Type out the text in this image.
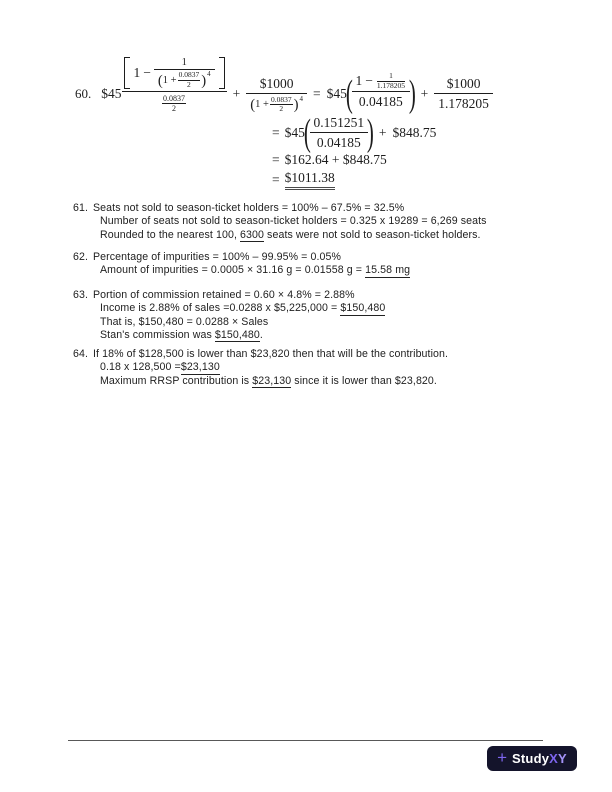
60. $45
$1 - \frac{1}{( 1 + \frac{0.0837}{2} )^4}$
0.0837
2
+ $\frac{\$1000}{( 1 + \frac{0.0837}{2} )^4}$ = $45
(
$\frac{1 - \frac{1}{1.178205}}{0.04185}$
) + $\frac{\$1000}{1.178205}$
= $45
(
$\frac{0.151251}{0.04185}$
) + $848.75
= $162.64 + $848.75
= $1011.38
61. Seats not sold to season-ticket holders = 100% – 67.5% = 32.5%
Number of seats not sold to season-ticket holders = 0.325 x 19289 = 6,269 seats
Rounded to the nearest 100, 6300 seats were not sold to season-ticket holders.
62. Percentage of impurities = 100% – 99.95% = 0.05%
Amount of impurities = 0.0005 × 31.16 g = 0.01558 g = 15.58 mg
63. Portion of commission retained = 0.60 × 4.8% = 2.88%
Income is 2.88% of sales =0.0288 x $5,225,000 = $150,480
That is, $150,480 = 0.0288 × Sales
Stan's commission was $150,480.
64. If 18% of $128,500 is lower than $23,820 then that will be the contribution.
0.18 x 128,500 =$23,130
Maximum RRSP contribution is $23,130 since it is lower than $23,820.
+ Study X Y
